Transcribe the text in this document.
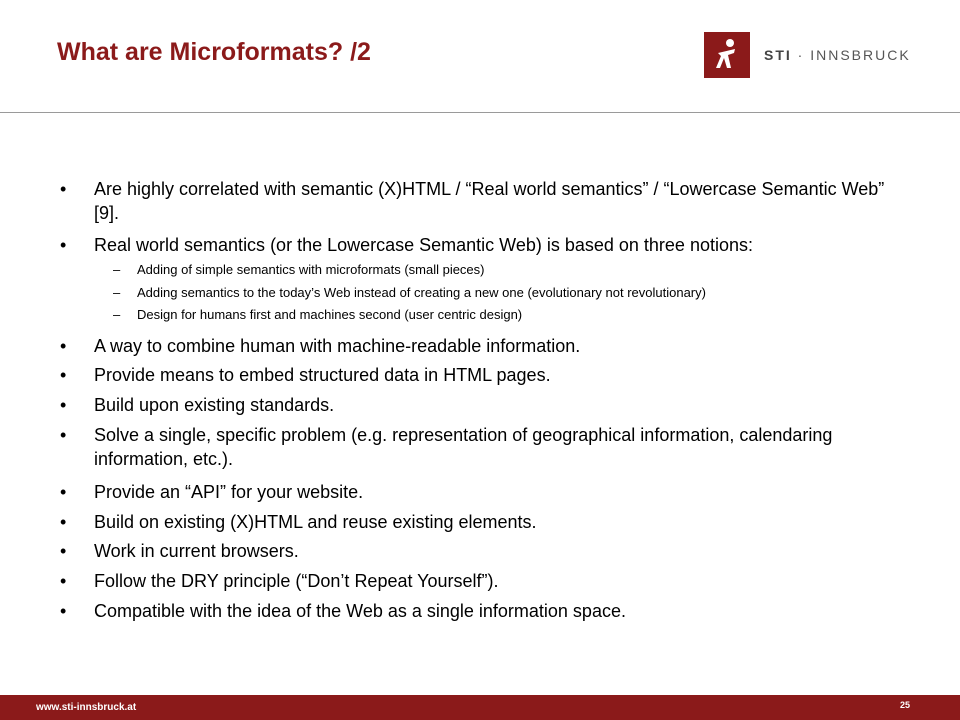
What are Microformats? /2	STI · INNSBRUCK
• Are highly correlated with semantic (X)HTML / “Real world semantics” / “Lowercase Semantic Web” [9].
• Real world semantics (or the Lowercase Semantic Web) is based on three notions:
– Adding of simple semantics with microformats (small pieces)
– Adding semantics to the today’s Web instead of creating a new one (evolutionary not revolutionary)
– Design for humans first and machines second (user centric design)
• A way to combine human with machine-readable information.
• Provide means to embed structured data in HTML pages.
• Build upon existing standards.
• Solve a single, specific problem (e.g. representation of geographical information, calendaring information, etc.).
• Provide an “API” for your website.
• Build on existing (X)HTML and reuse existing elements.
• Work in current browsers.
• Follow the DRY principle (“Don’t Repeat Yourself”).
• Compatible with the idea of the Web as a single information space.
www.sti-innsbruck.at	25
